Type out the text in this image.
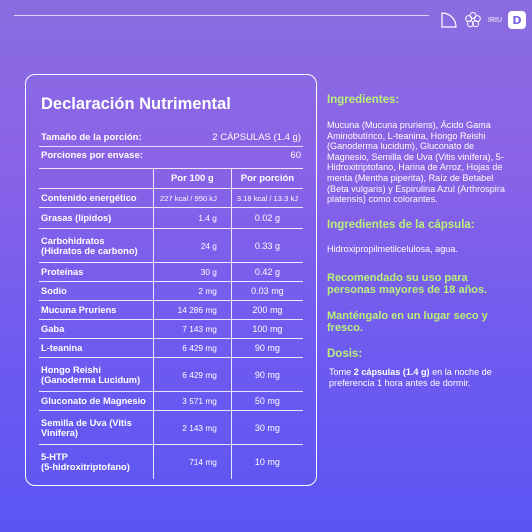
IRIU D
Declaración Nutrimental
Tamaño de la porción:	2 CÁPSULAS (1.4 g)
Porciones por envase:	60
	Por 100 g	Por porción
Contenido energético	227 kcal / 950 kJ	3.18 kcal / 13.3 kJ
Grasas (lípidos)	1.4 g	0.02 g
Carbohidratos
(Hidratos de carbono)	24 g	0.33 g
Proteínas	30 g	0.42 g
Sodio	2 mg	0.03 mg
Mucuna Pruriens	14 286 mg	200 mg
Gaba	7 143 mg	100 mg
L-teanina	6 429 mg	90 mg
Hongo Reishi
(Ganoderma Lucidum)	6 429 mg	90 mg
Gluconato de Magnesio	3 571 mg	50 mg
Semilla de Uva (Vitis
Vinífera)	2 143 mg	30 mg
5-HTP
(5-hidroxitriptofano)	714 mg	10 mg
Ingredientes:
Mucuna (Mucuna pruriens), Ácido Gama Aminobutírico, L-teanina, Hongo Reishi (Ganoderma lucidum), Gluconato de Magnesio, Semilla de Uva (Vitis vinífera), 5-Hidroxitriptofano, Harina de Arroz, Hojas de menta (Mentha piperita), Raíz de Betabel (Beta vulgaris) y Espirulina Azul (Arthrospira platensis) como colorantes.
Ingredientes de la cápsula:
Hidroxipropilmetilcelulosa, agua.
Recomendado su uso para personas mayores de 18 años.
Manténgalo en un lugar seco y fresco.
Dosis:
Tome 2 cápsulas (1.4 g) en la noche de preferencia 1 hora antes de dormir.
